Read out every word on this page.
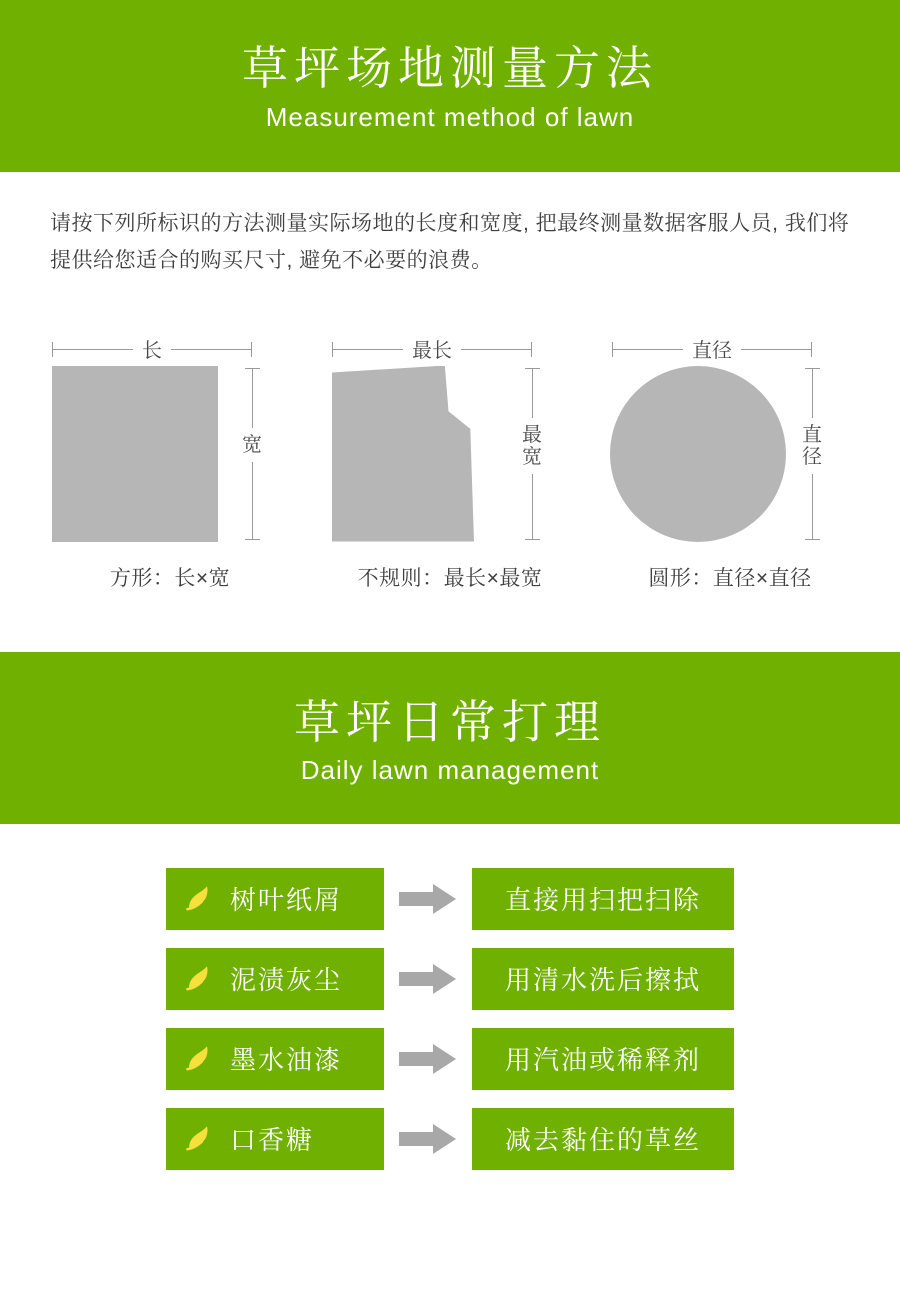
草坪场地测量方法

Measurement method of lawn

请按下列所标识的方法测量实际场地的长度和宽度, 把最终测量数据客服人员, 我们将提供给您适合的购买尺寸, 避免不必要的浪费。

长
宽
方形：长×宽
最长
最宽
不规则：最长×最宽
直径
直径
圆形：直径×直径

草坪日常打理

Daily lawn management

树叶纸屑	直接用扫把扫除
泥渍灰尘	用清水洗后擦拭
墨水油漆	用汽油或稀释剂
口香糖	减去黏住的草丝
